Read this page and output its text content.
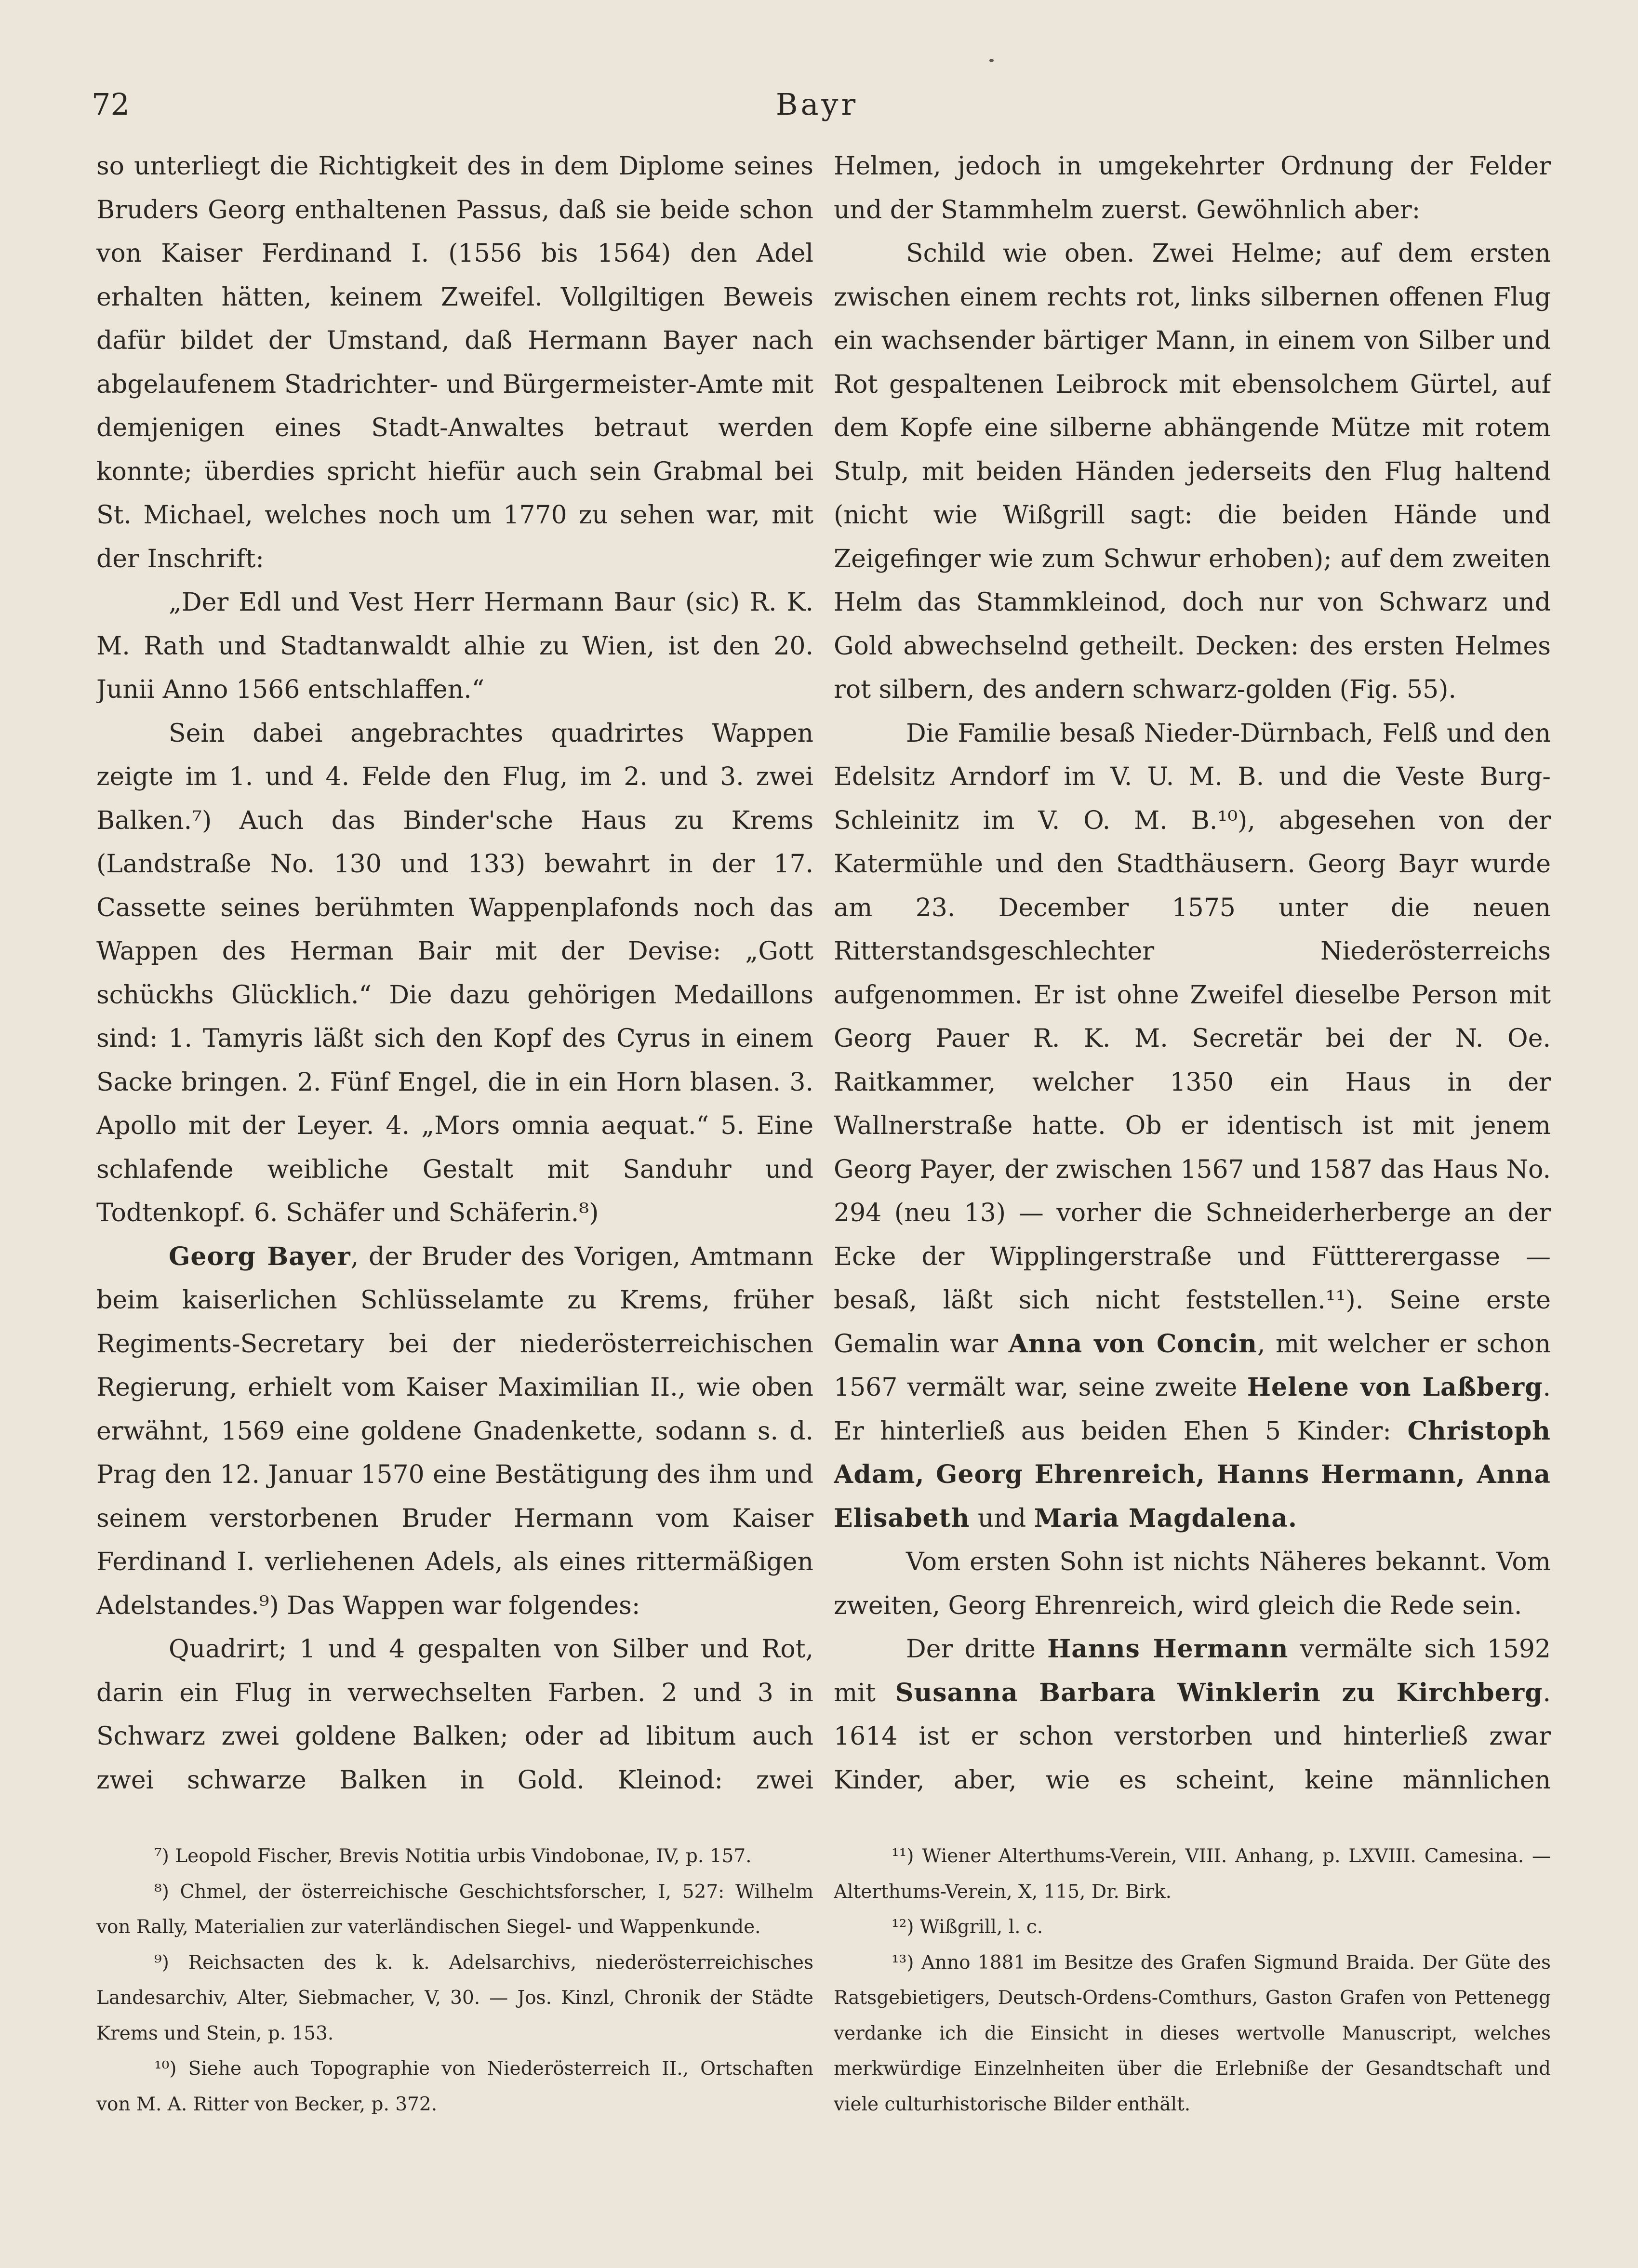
72	Bayr

so unterliegt die Richtigkeit des in dem Diplome seines Bruders Georg enthaltenen Passus, daß sie beide schon von Kaiser Ferdinand I. (1556 bis 1564) den Adel erhalten hätten, keinem Zweifel. Vollgiltigen Beweis dafür bildet der Umstand, daß Hermann Bayer nach abgelaufenem Stadrichter- und Bürgermeister-Amte mit demjenigen eines Stadt-Anwaltes betraut werden konnte; überdies spricht hiefür auch sein Grabmal bei St. Michael, welches noch um 1770 zu sehen war, mit der Inschrift:

„Der Edl und Vest Herr Hermann Baur (sic) R. K. M. Rath und Stadtanwaldt alhie zu Wien, ist den 20. Junii Anno 1566 entschlaffen.“

Sein dabei angebrachtes quadrirtes Wappen zeigte im 1. und 4. Felde den Flug, im 2. und 3. zwei Balken.⁷) Auch das Binder'sche Haus zu Krems (Landstraße No. 130 und 133) bewahrt in der 17. Cassette seines berühmten Wappenplafonds noch das Wappen des Herman Bair mit der Devise: „Gott schückhs Glücklich.“ Die dazu gehörigen Medaillons sind: 1. Tamyris läßt sich den Kopf des Cyrus in einem Sacke bringen. 2. Fünf Engel, die in ein Horn blasen. 3. Apollo mit der Leyer. 4. „Mors omnia aequat.“ 5. Eine schlafende weibliche Gestalt mit Sanduhr und Todtenkopf. 6. Schäfer und Schäferin.⁸)

Georg Bayer, der Bruder des Vorigen, Amtmann beim kaiserlichen Schlüsselamte zu Krems, früher Regiments-Secretary bei der niederösterreichischen Regierung, erhielt vom Kaiser Maximilian II., wie oben erwähnt, 1569 eine goldene Gnadenkette, sodann s. d. Prag den 12. Januar 1570 eine Bestätigung des ihm und seinem verstorbenen Bruder Hermann vom Kaiser Ferdinand I. verliehenen Adels, als eines rittermäßigen Adelstandes.⁹) Das Wappen war folgendes:

Quadrirt; 1 und 4 gespalten von Silber und Rot, darin ein Flug in verwechselten Farben. 2 und 3 in Schwarz zwei goldene Balken; oder ad libitum auch zwei schwarze Balken in Gold. Kleinod: zwei

Helmen, jedoch in umgekehrter Ordnung der Felder und der Stammhelm zuerst. Gewöhnlich aber:

Schild wie oben. Zwei Helme; auf dem ersten zwischen einem rechts rot, links silbernen offenen Flug ein wachsender bärtiger Mann, in einem von Silber und Rot gespaltenen Leibrock mit ebensolchem Gürtel, auf dem Kopfe eine silberne abhängende Mütze mit rotem Stulp, mit beiden Händen jederseits den Flug haltend (nicht wie Wißgrill sagt: die beiden Hände und Zeigefinger wie zum Schwur erhoben); auf dem zweiten Helm das Stammkleinod, doch nur von Schwarz und Gold abwechselnd getheilt. Decken: des ersten Helmes rot silbern, des andern schwarz-golden (Fig. 55).

Die Familie besaß Nieder-Dürnbach, Felß und den Edelsitz Arndorf im V. U. M. B. und die Veste Burg-Schleinitz im V. O. M. B.¹⁰), abgesehen von der Katermühle und den Stadthäusern. Georg Bayr wurde am 23. December 1575 unter die neuen Ritterstandsgeschlechter Niederösterreichs aufgenommen. Er ist ohne Zweifel dieselbe Person mit Georg Pauer R. K. M. Secretär bei der N. Oe. Raitkammer, welcher 1350 ein Haus in der Wallnerstraße hatte. Ob er identisch ist mit jenem Georg Payer, der zwischen 1567 und 1587 das Haus No. 294 (neu 13) — vorher die Schneiderherberge an der Ecke der Wipplingerstraße und Füttterergasse — besaß, läßt sich nicht feststellen.¹¹). Seine erste Gemalin war Anna von Concin, mit welcher er schon 1567 vermält war, seine zweite Helene von Laßberg. Er hinterließ aus beiden Ehen 5 Kinder: Christoph Adam, Georg Ehrenreich, Hanns Hermann, Anna Elisabeth und Maria Magdalena.

Vom ersten Sohn ist nichts Näheres bekannt. Vom zweiten, Georg Ehrenreich, wird gleich die Rede sein.

Der dritte Hanns Hermann vermälte sich 1592 mit Susanna Barbara Winklerin zu Kirchberg. 1614 ist er schon verstorben und hinterließ zwar Kinder, aber, wie es scheint, keine männlichen

⁷) Leopold Fischer, Brevis Notitia urbis Vindobonae, IV, p. 157.

⁸) Chmel, der österreichische Geschichtsforscher, I, 527: Wilhelm von Rally, Materialien zur vaterländischen Siegel- und Wappenkunde.

⁹) Reichsacten des k. k. Adelsarchivs, niederösterreichisches Landesarchiv, Alter, Siebmacher, V, 30. — Jos. Kinzl, Chronik der Städte Krems und Stein, p. 153.

¹⁰) Siehe auch Topographie von Niederösterreich II., Ortschaften von M. A. Ritter von Becker, p. 372.

¹¹) Wiener Alterthums-Verein, VIII. Anhang, p. LXVIII. Camesina. — Alterthums-Verein, X, 115, Dr. Birk.

¹²) Wißgrill, l. c.

¹³) Anno 1881 im Besitze des Grafen Sigmund Braida. Der Güte des Ratsgebietigers, Deutsch-Ordens-Comthurs, Gaston Grafen von Pettenegg verdanke ich die Einsicht in dieses wertvolle Manuscript, welches merkwürdige Einzelnheiten über die Erlebniße der Gesandtschaft und viele culturhistorische Bilder enthält.
